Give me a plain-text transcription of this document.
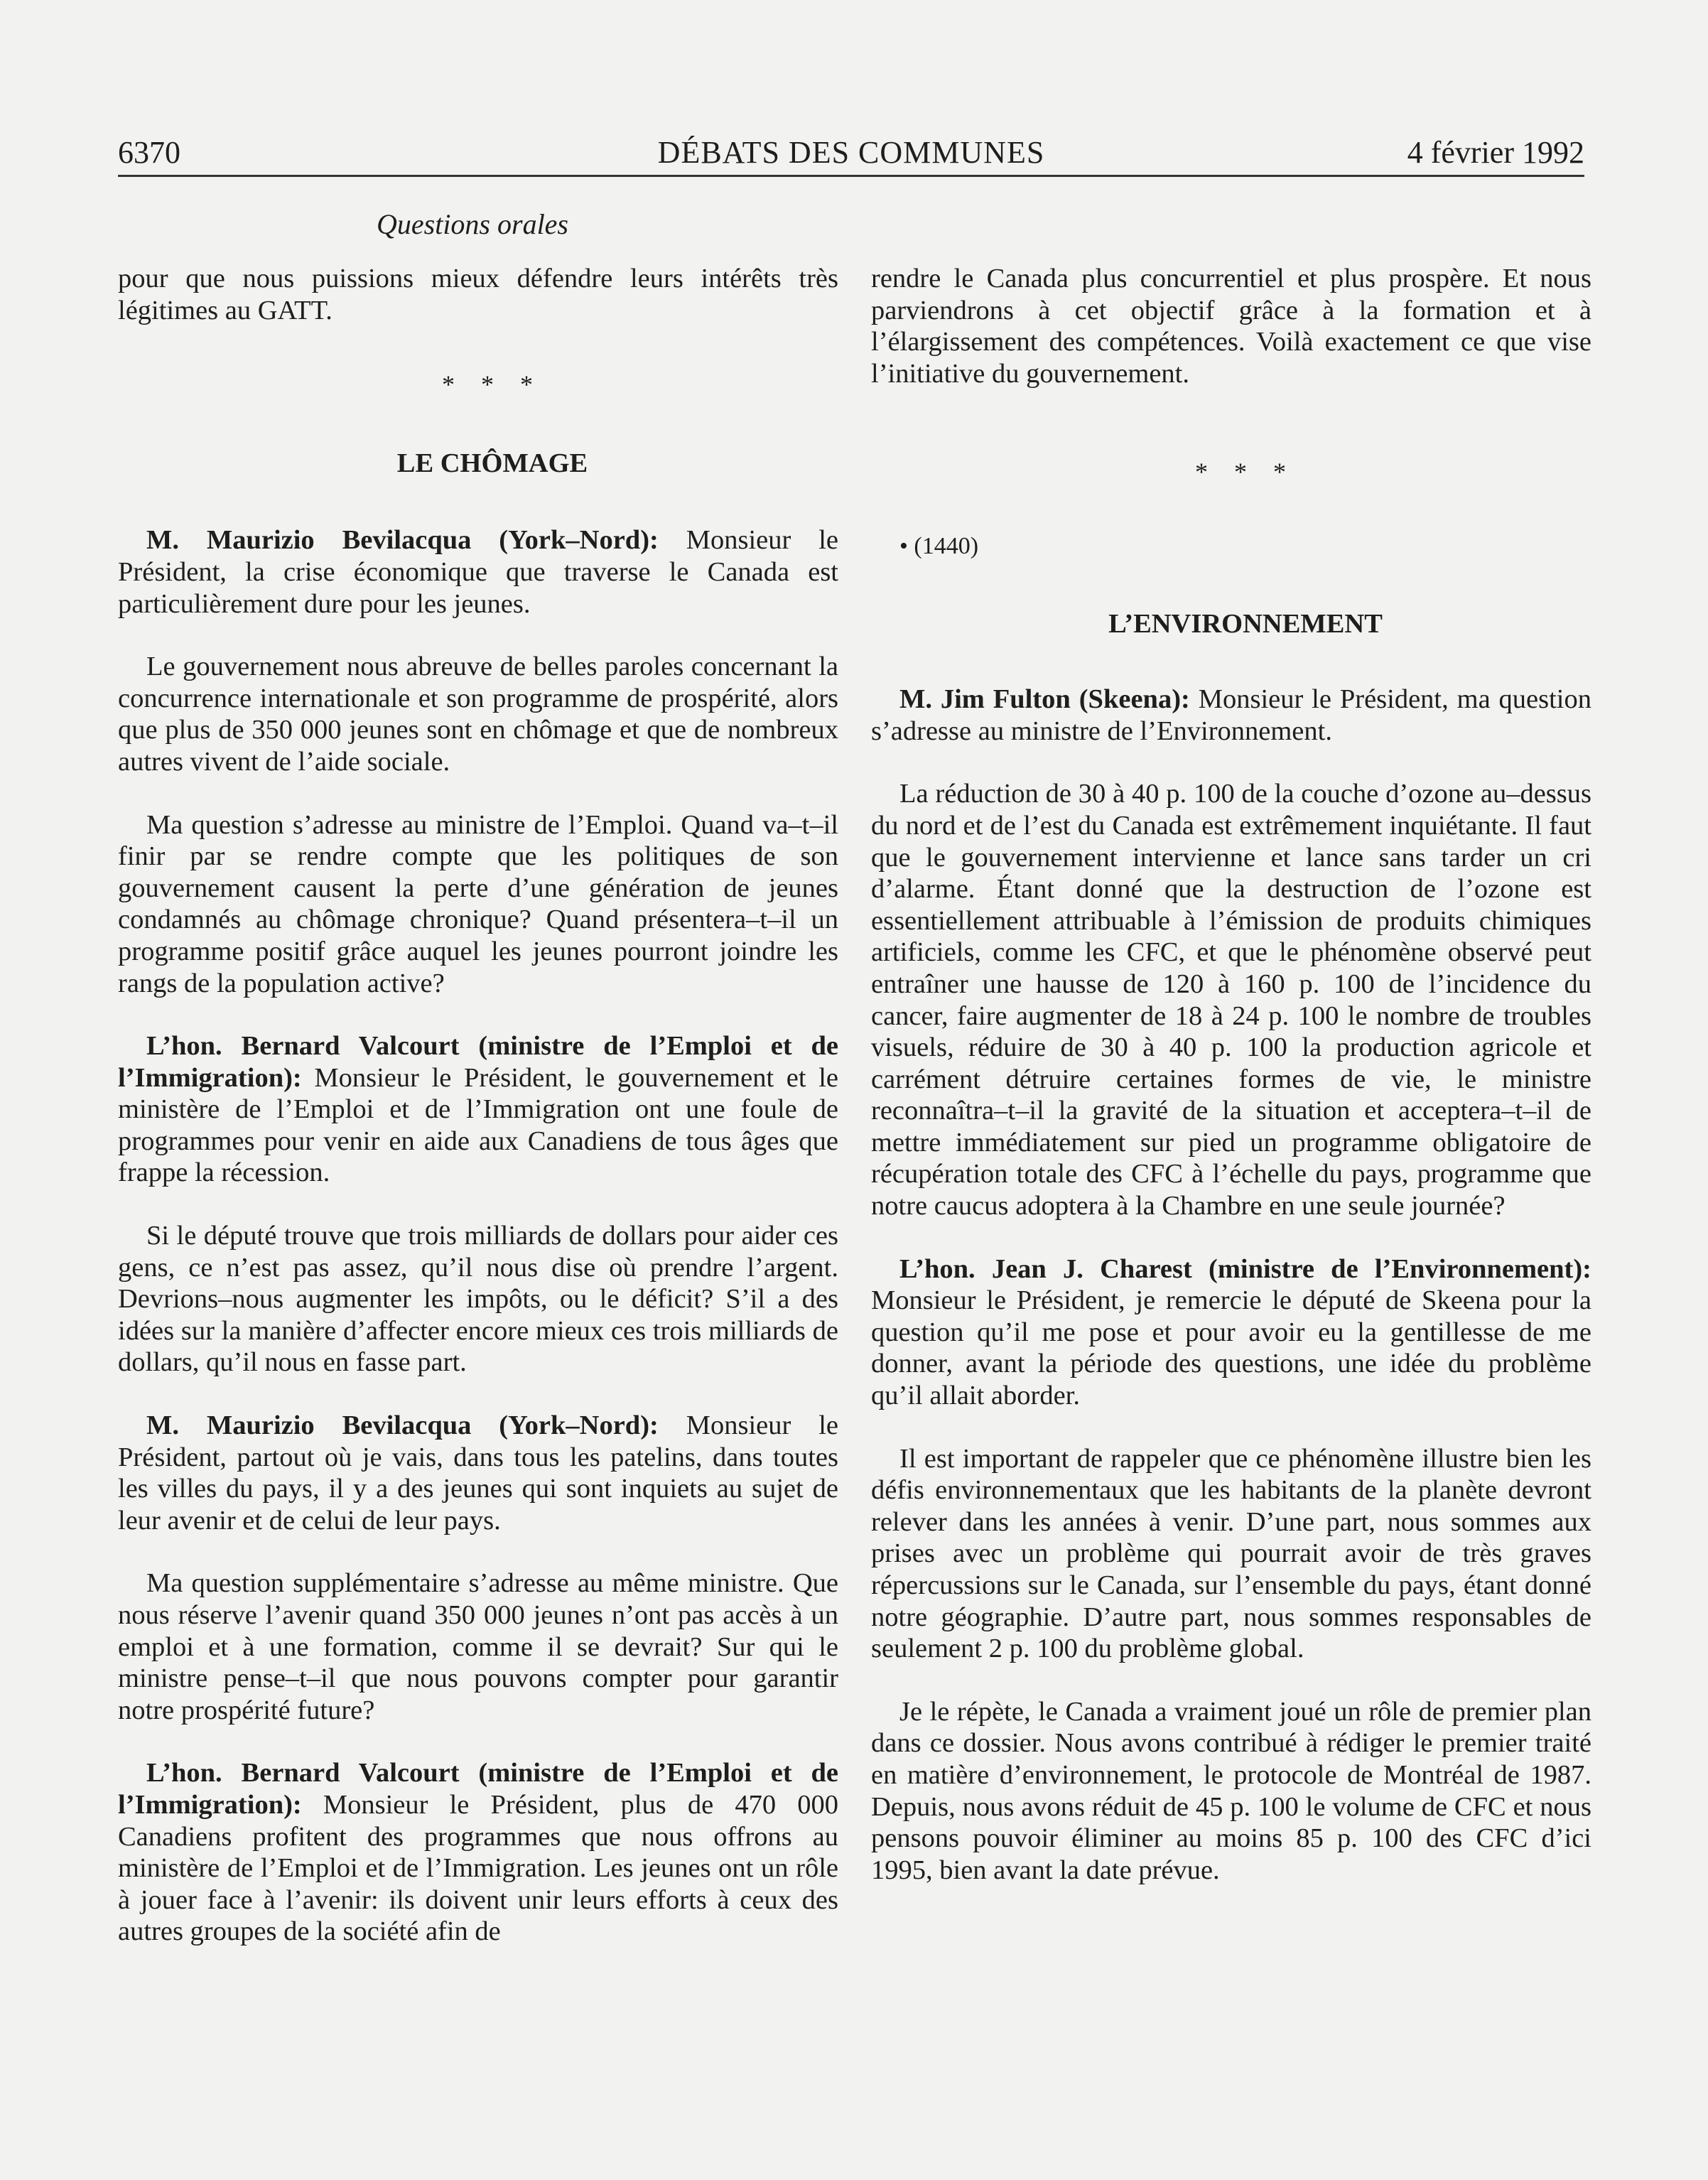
6370	DÉBATS DES COMMUNES	4 février 1992
Questions orales

pour que nous puissions mieux défendre leurs intérêts très légitimes au GATT.

* * *

LE CHÔMAGE

M. Maurizio Bevilacqua (York–Nord): Monsieur le Président, la crise économique que traverse le Canada est particulièrement dure pour les jeunes.

Le gouvernement nous abreuve de belles paroles concernant la concurrence internationale et son programme de prospérité, alors que plus de 350 000 jeunes sont en chômage et que de nombreux autres vivent de l’aide sociale.

Ma question s’adresse au ministre de l’Emploi. Quand va–t–il finir par se rendre compte que les politiques de son gouvernement causent la perte d’une génération de jeunes condamnés au chômage chronique? Quand présentera–t–il un programme positif grâce auquel les jeunes pourront joindre les rangs de la population active?

L’hon. Bernard Valcourt (ministre de l’Emploi et de l’Immigration): Monsieur le Président, le gouvernement et le ministère de l’Emploi et de l’Immigration ont une foule de programmes pour venir en aide aux Canadiens de tous âges que frappe la récession.

Si le député trouve que trois milliards de dollars pour aider ces gens, ce n’est pas assez, qu’il nous dise où prendre l’argent. Devrions–nous augmenter les impôts, ou le déficit? S’il a des idées sur la manière d’affecter encore mieux ces trois milliards de dollars, qu’il nous en fasse part.

M. Maurizio Bevilacqua (York–Nord): Monsieur le Président, partout où je vais, dans tous les patelins, dans toutes les villes du pays, il y a des jeunes qui sont inquiets au sujet de leur avenir et de celui de leur pays.

Ma question supplémentaire s’adresse au même ministre. Que nous réserve l’avenir quand 350 000 jeunes n’ont pas accès à un emploi et à une formation, comme il se devrait? Sur qui le ministre pense–t–il que nous pouvons compter pour garantir notre prospérité future?

L’hon. Bernard Valcourt (ministre de l’Emploi et de l’Immigration): Monsieur le Président, plus de 470 000 Canadiens profitent des programmes que nous offrons au ministère de l’Emploi et de l’Immigration. Les jeunes ont un rôle à jouer face à l’avenir: ils doivent unir leurs efforts à ceux des autres groupes de la société afin de

rendre le Canada plus concurrentiel et plus prospère. Et nous parviendrons à cet objectif grâce à la formation et à l’élargissement des compétences. Voilà exactement ce que vise l’initiative du gouvernement.

* * *

• (1440)

L’ENVIRONNEMENT

M. Jim Fulton (Skeena): Monsieur le Président, ma question s’adresse au ministre de l’Environnement.

La réduction de 30 à 40 p. 100 de la couche d’ozone au–dessus du nord et de l’est du Canada est extrêmement inquiétante. Il faut que le gouvernement intervienne et lance sans tarder un cri d’alarme. Étant donné que la destruction de l’ozone est essentiellement attribuable à l’émission de produits chimiques artificiels, comme les CFC, et que le phénomène observé peut entraîner une hausse de 120 à 160 p. 100 de l’incidence du cancer, faire augmenter de 18 à 24 p. 100 le nombre de troubles visuels, réduire de 30 à 40 p. 100 la production agricole et carrément détruire certaines formes de vie, le ministre reconnaîtra–t–il la gravité de la situation et acceptera–t–il de mettre immédiatement sur pied un programme obligatoire de récupération totale des CFC à l’échelle du pays, programme que notre caucus adoptera à la Chambre en une seule journée?

L’hon. Jean J. Charest (ministre de l’Environnement): Monsieur le Président, je remercie le député de Skeena pour la question qu’il me pose et pour avoir eu la gentillesse de me donner, avant la période des questions, une idée du problème qu’il allait aborder.

Il est important de rappeler que ce phénomène illustre bien les défis environnementaux que les habitants de la planète devront relever dans les années à venir. D’une part, nous sommes aux prises avec un problème qui pourrait avoir de très graves répercussions sur le Canada, sur l’ensemble du pays, étant donné notre géographie. D’autre part, nous sommes responsables de seulement 2 p. 100 du problème global.

Je le répète, le Canada a vraiment joué un rôle de premier plan dans ce dossier. Nous avons contribué à rédiger le premier traité en matière d’environnement, le protocole de Montréal de 1987. Depuis, nous avons réduit de 45 p. 100 le volume de CFC et nous pensons pouvoir éliminer au moins 85 p. 100 des CFC d’ici 1995, bien avant la date prévue.
